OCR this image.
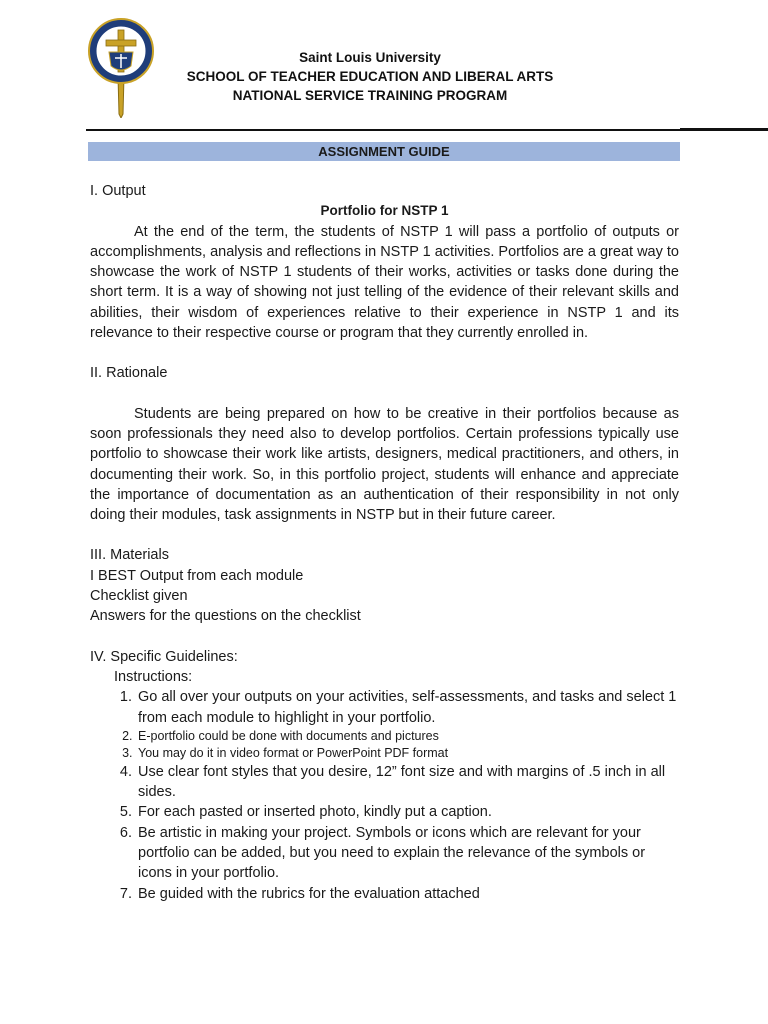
Saint Louis University
SCHOOL OF TEACHER EDUCATION AND LIBERAL ARTS
NATIONAL SERVICE TRAINING PROGRAM
ASSIGNMENT GUIDE

I. Output

Portfolio for NSTP 1

At the end of the term, the students of NSTP 1 will pass a portfolio of outputs or accomplishments, analysis and reflections in NSTP 1 activities. Portfolios are a great way to showcase the work of NSTP 1 students of their works, activities or tasks done during the short term. It is a way of showing not just telling of the evidence of their relevant skills and abilities, their wisdom of experiences relative to their experience in NSTP 1 and its relevance to their respective course or program that they currently enrolled in.

II. Rationale

Students are being prepared on how to be creative in their portfolios because as soon professionals they need also to develop portfolios. Certain professions typically use portfolio to showcase their work like artists, designers, medical practitioners, and others, in documenting their work. So, in this portfolio project, students will enhance and appreciate the importance of documentation as an authentication of their responsibility in not only doing their modules, task assignments in NSTP but in their future career.

III. Materials

I BEST Output from each module

Checklist given

Answers for the questions on the checklist

IV. Specific Guidelines:

Instructions:

1. Go all over your outputs on your activities, self-assessments, and tasks and select 1 from each module to highlight in your portfolio.
2. E-portfolio could be done with documents and pictures
3. You may do it in video format or PowerPoint PDF format
4. Use clear font styles that you desire, 12” font size and with margins of .5 inch in all sides.
5. For each pasted or inserted photo, kindly put a caption.
6. Be artistic in making your project. Symbols or icons which are relevant for your portfolio can be added, but you need to explain the relevance of the symbols or icons in your portfolio.
7. Be guided with the rubrics for the evaluation attached
